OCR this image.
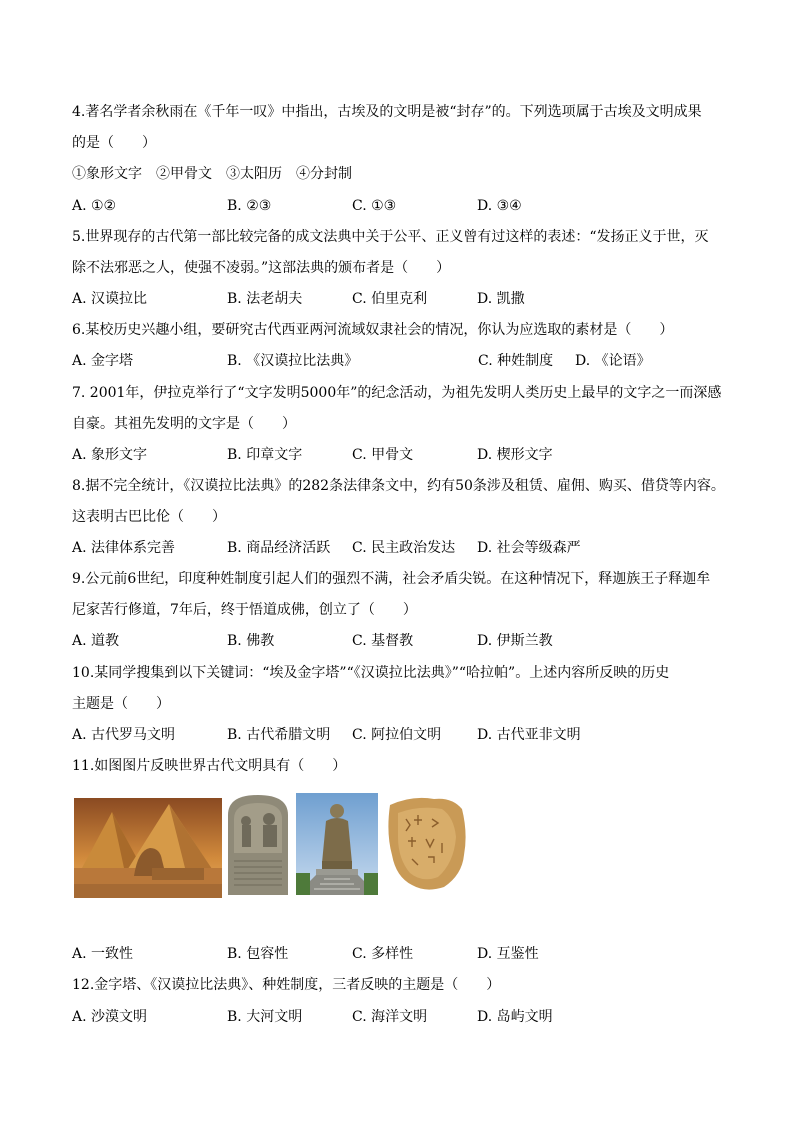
4.著名学者余秋雨在《千年一叹》中指出，古埃及的文明是被“封存”的。下列选项属于古埃及文明成果
的是（　　）
①象形文字　②甲骨文　③太阳历　④分封制
A. ①②	B. ②③	C. ①③	D. ③④
5.世界现存的古代第一部比较完备的成文法典中关于公平、正义曾有过这样的表述：“发扬正义于世，灭
除不法邪恶之人，使强不凌弱。”这部法典的颁布者是（　　）
A. 汉谟拉比	B. 法老胡夫	C. 伯里克利	D. 凯撒
6.某校历史兴趣小组，要研究古代西亚两河流域奴隶社会的情况，你认为应选取的素材是（　　）
A. 金字塔	B. 《汉谟拉比法典》	C. 种姓制度 D. 《论语》
7. 2001年，伊拉克举行了“文字发明5000年”的纪念活动，为祖先发明人类历史上最早的文字之一而深感
自豪。其祖先发明的文字是（　　）
A. 象形文字	B. 印章文字	C. 甲骨文	D. 楔形文字
8.据不完全统计，《汉谟拉比法典》的282条法律条文中，约有50条涉及租赁、雇佣、购买、借贷等内容。
这表明古巴比伦（　　）
A. 法律体系完善	B. 商品经济活跃 C. 民主政治发达 D. 社会等级森严
9.公元前6世纪，印度种姓制度引起人们的强烈不满，社会矛盾尖锐。在这种情况下，释迦族王子释迦牟
尼家苦行修道，7年后，终于悟道成佛，创立了（　　）
A. 道教	B. 佛教	C. 基督教	D. 伊斯兰教
10.某同学搜集到以下关键词：“埃及金字塔”“《汉谟拉比法典》”“哈拉帕”。上述内容所反映的历史
主题是（　　）
A. 古代罗马文明	B. 古代希腊文明 C. 阿拉伯文明	D. 古代亚非文明
11.如图图片反映世界古代文明具有（　　）
A. 一致性	B. 包容性	C. 多样性	D. 互鉴性
12.金字塔、《汉谟拉比法典》、种姓制度，三者反映的主题是（　　）
A. 沙漠文明	B. 大河文明	C. 海洋文明	D. 岛屿文明
